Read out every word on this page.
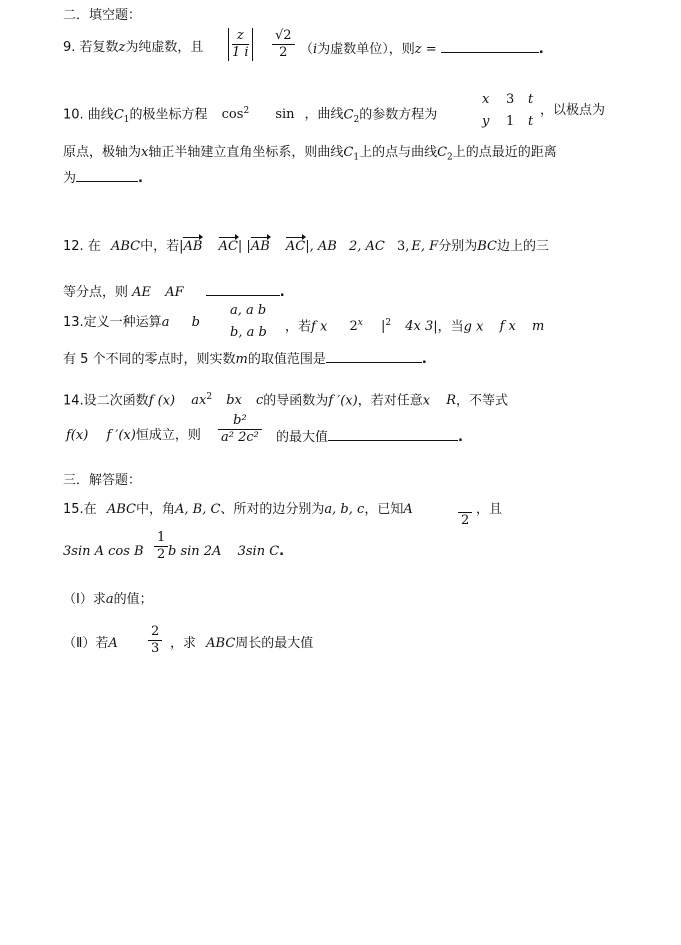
二．填空题：
9. 若复数z为纯虚数，且 $\frac{z}{1 i} \frac{√2}{2} (i$为虚数单位），则z =	.
10. 曲线$C_1$的极坐标方程 $\cos^2 \sin$ ，曲线$C_2$的参数方程为
x 3 t
y 1 t
，以极点为
原点，极轴为x轴正半轴建立直角坐标系，则曲线$C_1$上的点与曲线$C_2$上的点最近的距离
为	.
12. 在 ABC中，若|AB AC| |AB AC|, AB 2, AC 3, E, F分别为BC边上的三
等分点，则 AE AF	.
13.定义一种运算a b
a, a b
b, a b ，若f x 2$^x$ $|^2$ 4x 3|，当g x f x m
有 5 个不同的零点时，则实数m的取值范围是	.
14.设二次函数f (x) $ax^2$ bx c的导函数为f ′(x)，若对任意x R，不等式
f(x) f ′(x)恒成立，则 $\frac{\text{b²}}{\text{a² 2c²}}$ 的最大值	.
三．解答题：
15.在 ABC中，角A, B, C、所对的边分别为a, b, c，已知A

2
，且
3sin A cos B $\frac{1}{2}$ b sin 2A 3sin C.
（Ⅰ）求a的值；
（Ⅱ）若A $\frac{2}{3}$ ，求 ABC周长的最大值
